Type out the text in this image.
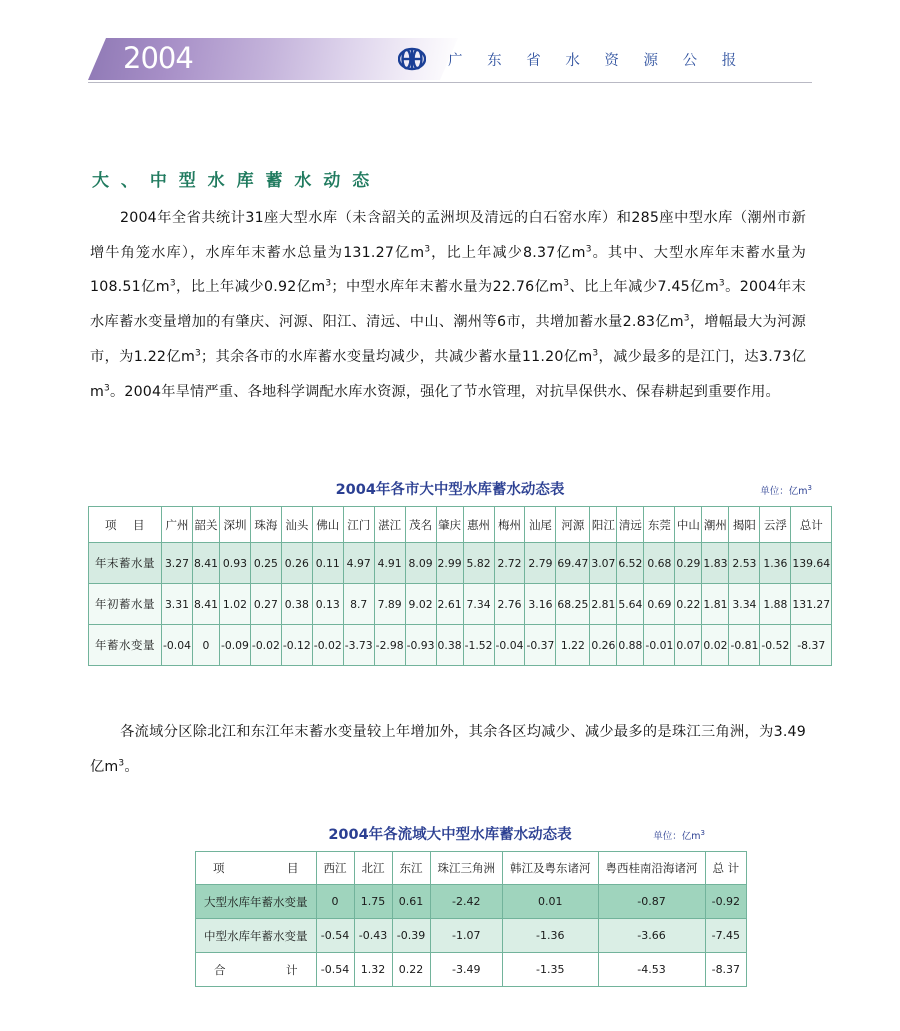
2004	广 东 省 水 资 源 公 报
大 、 中 型 水 库 蓄 水 动 态
2004年全省共统计31座大型水库（未含韶关的孟洲坝及清远的白石窑水库）和285座中型水库（潮州市新增牛角笼水库），水库年末蓄水总量为131.27亿$m^3$，比上年减少8.37亿$m^3$。其中、大型水库年末蓄水量为108.51亿$m^3$，比上年减少0.92亿$m^3$；中型水库年末蓄水量为22.76亿$m^3$、比上年减少7.45亿$m^3$。2004年末水库蓄水变量增加的有肇庆、河源、阳江、清远、中山、潮州等6市，共增加蓄水量2.83亿$m^3$，增幅最大为河源市，为1.22亿$m^3$；其余各市的水库蓄水变量均减少，共减少蓄水量11.20亿$m^3$，减少最多的是江门，达3.73亿$m^3$。2004年旱情严重、各地科学调配水库水资源，强化了节水管理，对抗旱保供水、保春耕起到重要作用。
2004年各市大中型水库蓄水动态表	单位：亿$m^3$
项 目	广州	韶关	深圳	珠海	汕头	佛山	江门	湛江	茂名	肇庆	惠州	梅州	汕尾	河源	阳江	清远	东莞	中山	潮州	揭阳	云浮	总计
年末蓄水量	3.27	8.41	0.93	0.25	0.26	0.11	4.97	4.91	8.09	2.99	5.82	2.72	2.79	69.47	3.07	6.52	0.68	0.29	1.83	2.53	1.36	139.64
年初蓄水量	3.31	8.41	1.02	0.27	0.38	0.13	8.7	7.89	9.02	2.61	7.34	2.76	3.16	68.25	2.81	5.64	0.69	0.22	1.81	3.34	1.88	131.27
年蓄水变量	-0.04	0	-0.09	-0.02	-0.12	-0.02	-3.73	-2.98	-0.93	0.38	-1.52	-0.04	-0.37	1.22	0.26	0.88	-0.01	0.07	0.02	-0.81	-0.52	-8.37
各流域分区除北江和东江年末蓄水变量较上年增加外，其余各区均减少、减少最多的是珠江三角洲，为3.49亿$m^3$。
2004年各流域大中型水库蓄水动态表	单位：亿$m^3$
项 目	西江	北江	东江	珠江三角洲	韩江及粤东诸河	粤西桂南沿海诸河	总 计
大型水库年蓄水变量	0	1.75	0.61	-2.42	0.01	-0.87	-0.92
中型水库年蓄水变量	-0.54	-0.43	-0.39	-1.07	-1.36	-3.66	-7.45

合 计	-0.54	1.32	0.22	-3.49	-1.35	-4.53	-8.37
